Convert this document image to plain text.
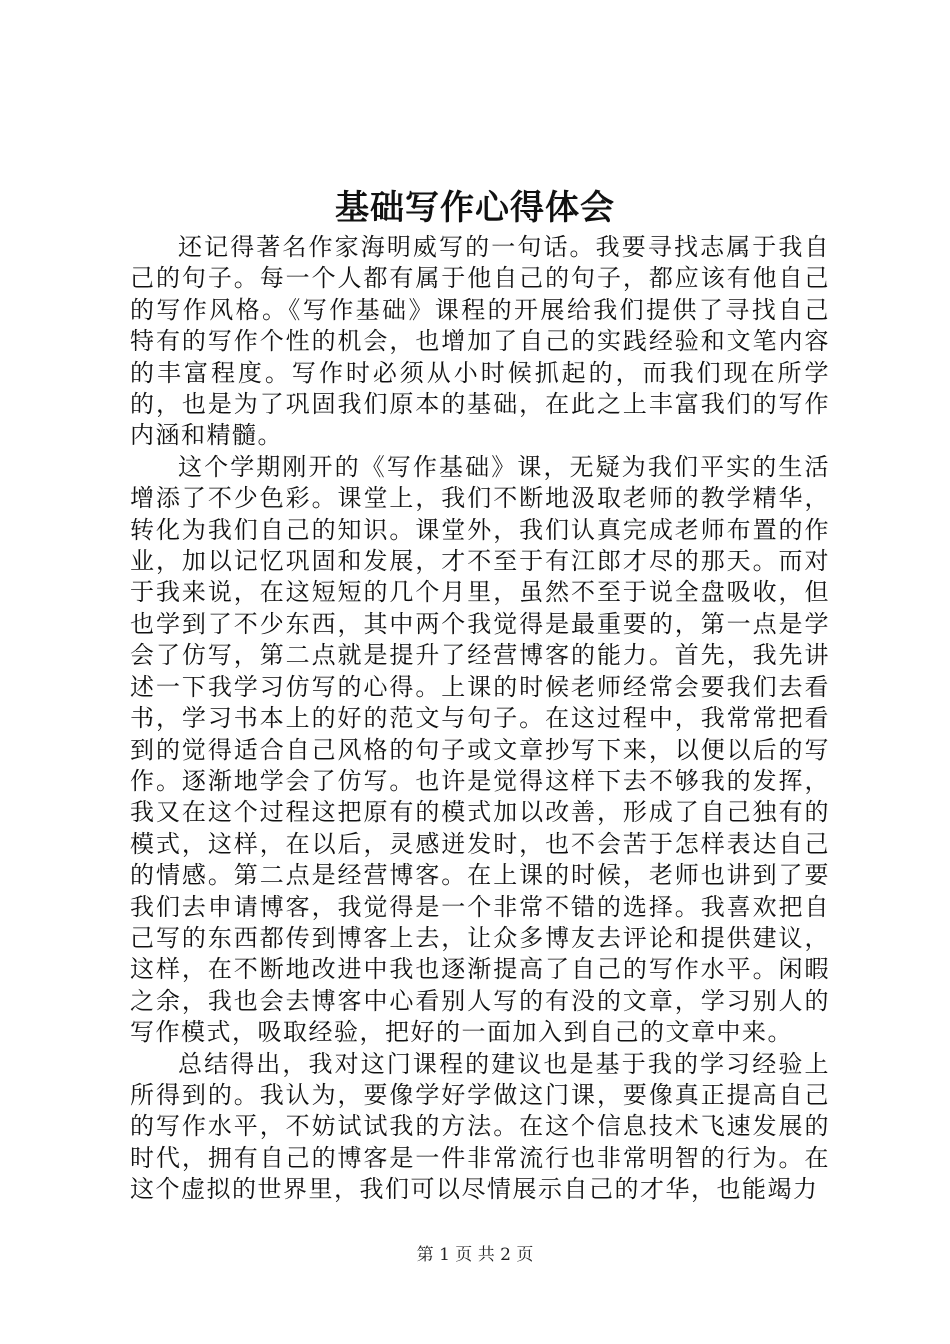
基础写作心得体会

还记得著名作家海明威写的一句话。我要寻找志属于我自己的句子。每一个人都有属于他自己的句子，都应该有他自己的写作风格。《写作基础》课程的开展给我们提供了寻找自己特有的写作个性的机会，也增加了自己的实践经验和文笔内容的丰富程度。写作时必须从小时候抓起的，而我们现在所学的，也是为了巩固我们原本的基础，在此之上丰富我们的写作内涵和精髓。

这个学期刚开的《写作基础》课，无疑为我们平实的生活增添了不少色彩。课堂上，我们不断地汲取老师的教学精华，转化为我们自己的知识。课堂外，我们认真完成老师布置的作业，加以记忆巩固和发展，才不至于有江郎才尽的那天。而对于我来说，在这短短的几个月里，虽然不至于说全盘吸收，但也学到了不少东西，其中两个我觉得是最重要的，第一点是学会了仿写，第二点就是提升了经营博客的能力。首先，我先讲述一下我学习仿写的心得。上课的时候老师经常会要我们去看书，学习书本上的好的范文与句子。在这过程中，我常常把看到的觉得适合自己风格的句子或文章抄写下来，以便以后的写作。逐渐地学会了仿写。也许是觉得这样下去不够我的发挥，我又在这个过程这把原有的模式加以改善，形成了自己独有的模式，这样，在以后，灵感迸发时，也不会苦于怎样表达自己的情感。第二点是经营博客。在上课的时候，老师也讲到了要我们去申请博客，我觉得是一个非常不错的选择。我喜欢把自己写的东西都传到博客上去，让众多博友去评论和提供建议，这样，在不断地改进中我也逐渐提高了自己的写作水平。闲暇之余，我也会去博客中心看别人写的有没的文章，学习别人的写作模式，吸取经验，把好的一面加入到自己的文章中来。

总结得出，我对这门课程的建议也是基于我的学习经验上所得到的。我认为，要像学好学做这门课，要像真正提高自己的写作水平，不妨试试我的方法。在这个信息技术飞速发展的时代，拥有自己的博客是一件非常流行也非常明智的行为。在这个虚拟的世界里，我们可以尽情展示自己的才华，也能竭力

第 1 页 共 2 页
